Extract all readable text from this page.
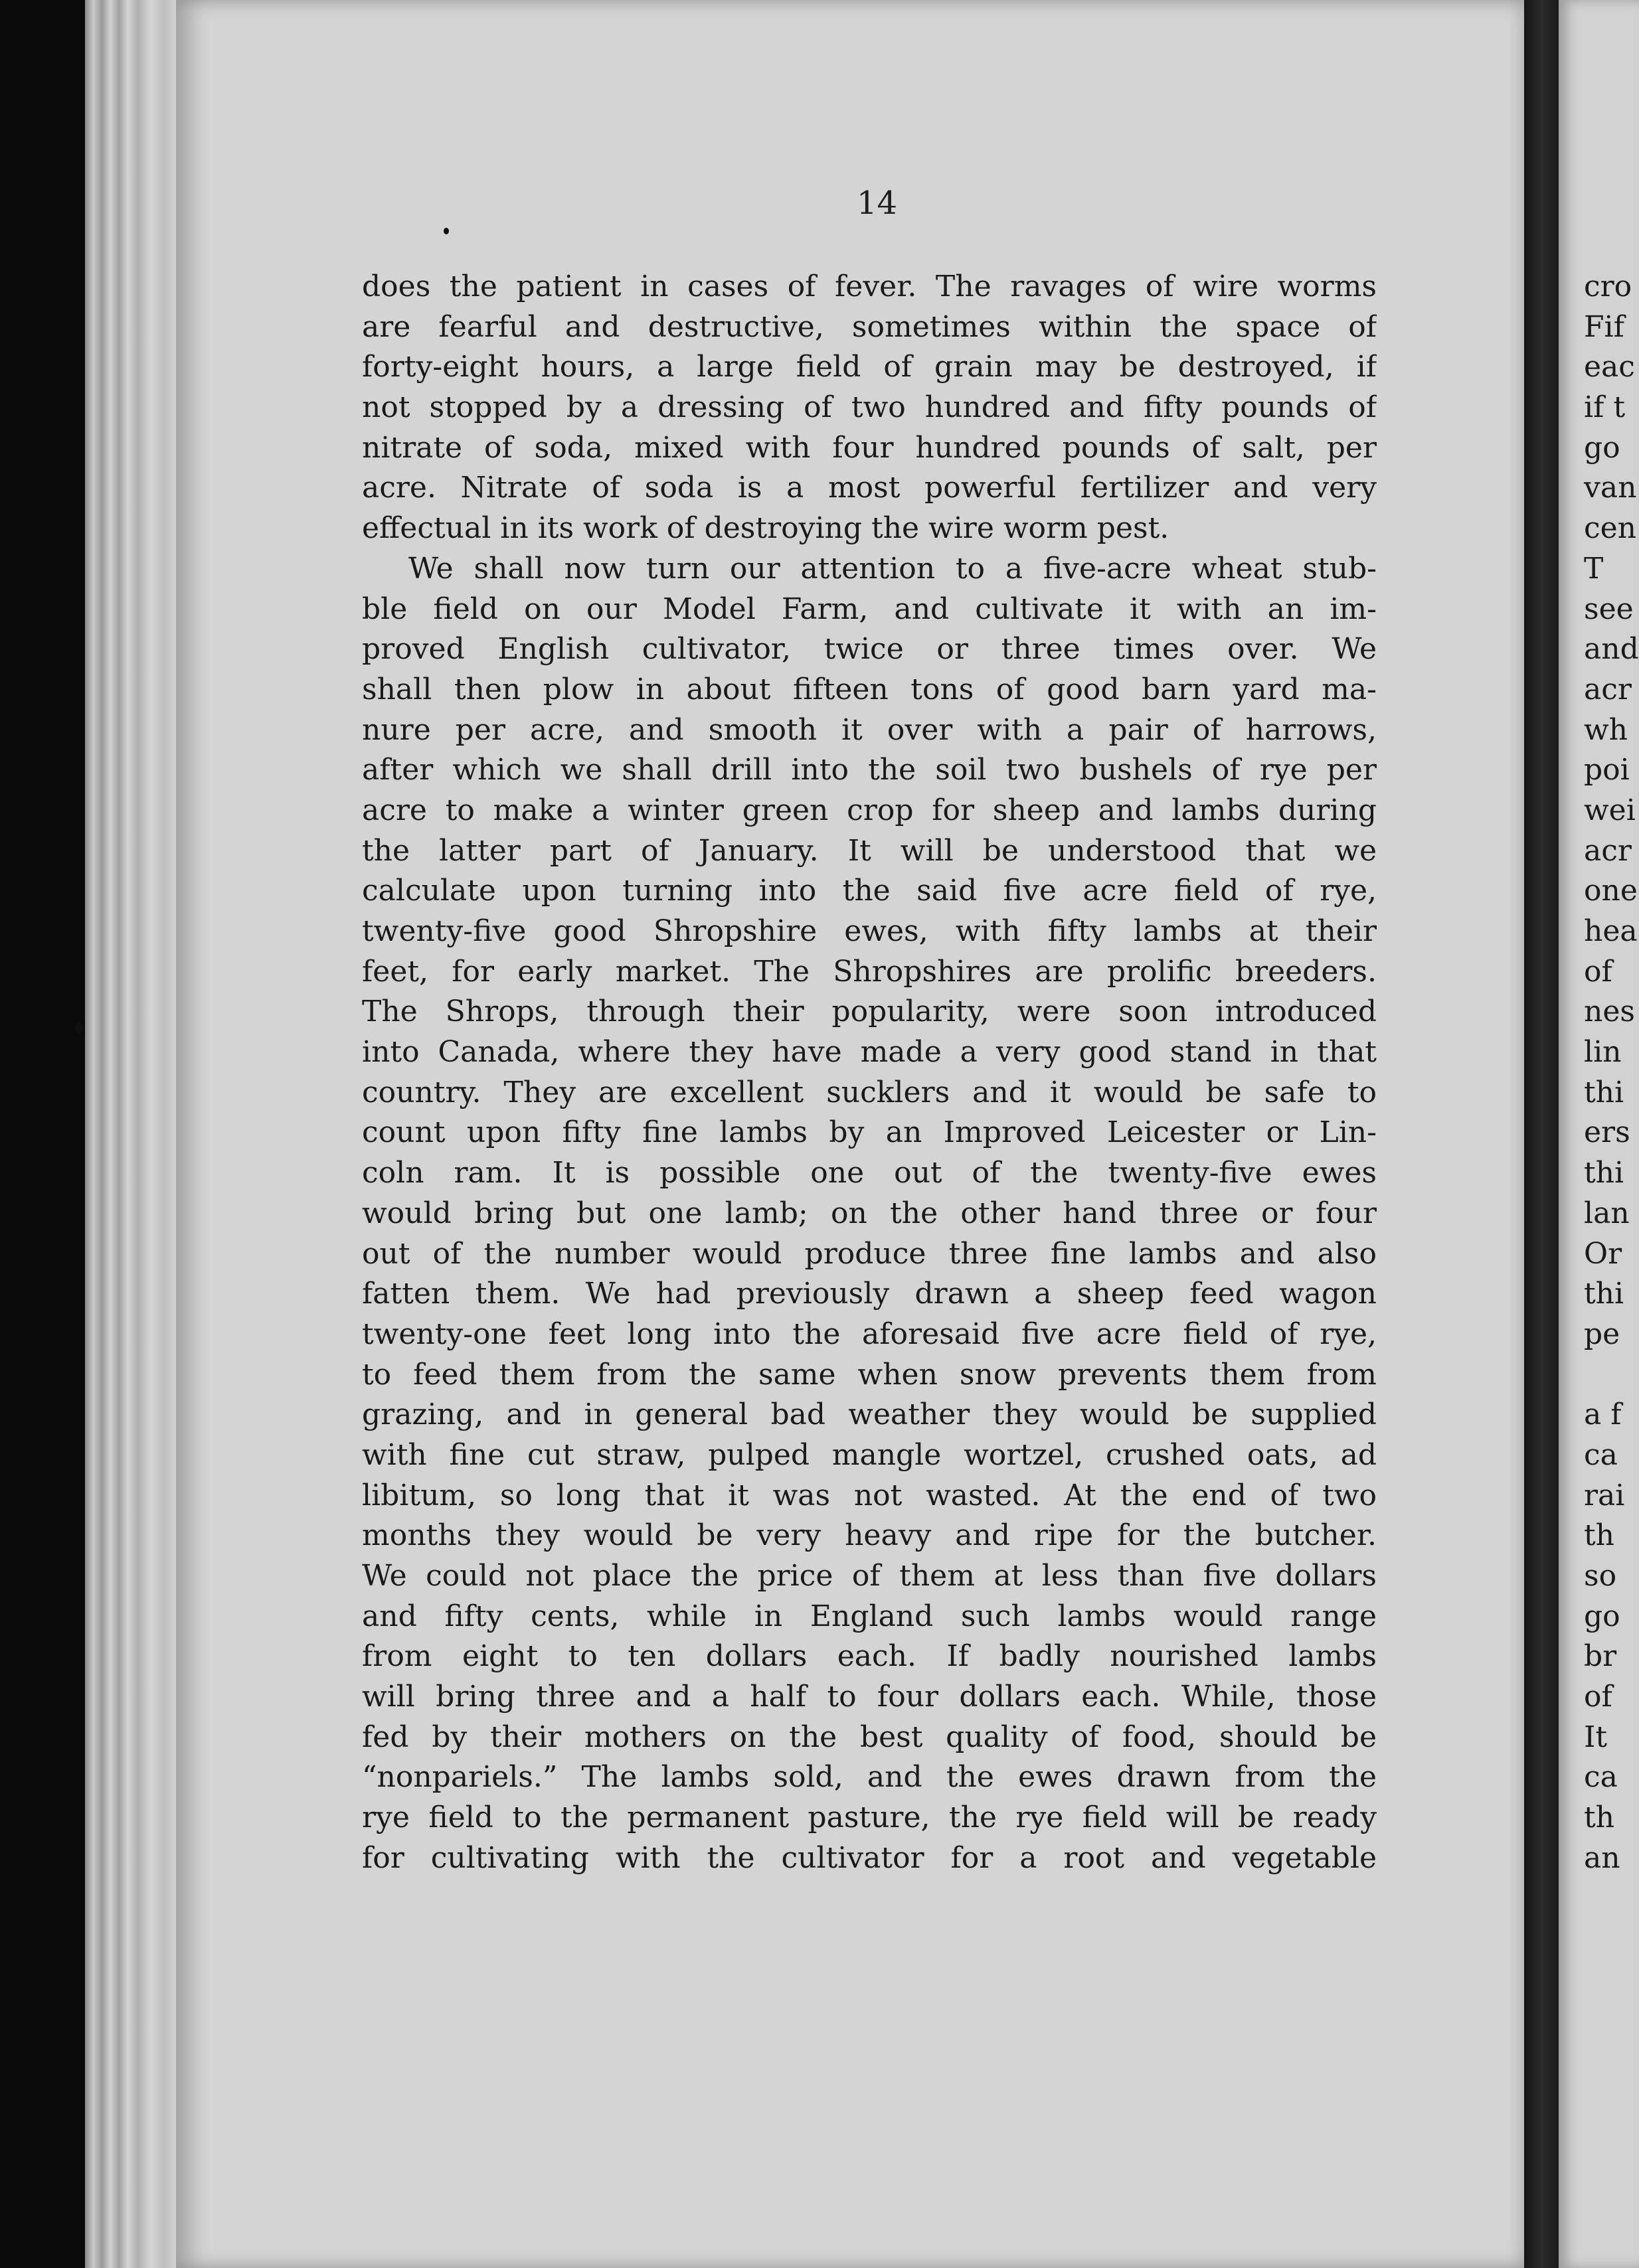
14
does the patient in cases of fever. The ravages of wire worms
are fearful and destructive, sometimes within the space of
forty-eight hours, a large field of grain may be destroyed, if
not stopped by a dressing of two hundred and fifty pounds of
nitrate of soda, mixed with four hundred pounds of salt, per
acre. Nitrate of soda is a most powerful fertilizer and very
effectual in its work of destroying the wire worm pest.
We shall now turn our attention to a five-acre wheat stub-
ble field on our Model Farm, and cultivate it with an im-
proved English cultivator, twice or three times over. We
shall then plow in about fifteen tons of good barn yard ma-
nure per acre, and smooth it over with a pair of harrows,
after which we shall drill into the soil two bushels of rye per
acre to make a winter green crop for sheep and lambs during
the latter part of January. It will be understood that we
calculate upon turning into the said five acre field of rye,
twenty-five good Shropshire ewes, with fifty lambs at their
feet, for early market. The Shropshires are prolific breeders.
The Shrops, through their popularity, were soon introduced
into Canada, where they have made a very good stand in that
country. They are excellent sucklers and it would be safe to
count upon fifty fine lambs by an Improved Leicester or Lin-
coln ram. It is possible one out of the twenty-five ewes
would bring but one lamb; on the other hand three or four
out of the number would produce three fine lambs and also
fatten them. We had previously drawn a sheep feed wagon
twenty-one feet long into the aforesaid five acre field of rye,
to feed them from the same when snow prevents them from
grazing, and in general bad weather they would be supplied
with fine cut straw, pulped mangle wortzel, crushed oats, ad
libitum, so long that it was not wasted. At the end of two
months they would be very heavy and ripe for the butcher.
We could not place the price of them at less than five dollars
and fifty cents, while in England such lambs would range
from eight to ten dollars each. If badly nourished lambs
will bring three and a half to four dollars each. While, those
fed by their mothers on the best quality of food, should be
“nonpariels.” The lambs sold, and the ewes drawn from the
rye field to the permanent pasture, the rye field will be ready
for cultivating with the cultivator for a root and vegetable
cro
Fif
eac
if t
go
van
cen
T
see
and
acr
wh
poi
wei
acr
one
hea
of
nes
lin
thi
ers
thi
lan
Or
thi
pe
a f
ca
rai
th
so
go
br
of
It
ca
th
an
